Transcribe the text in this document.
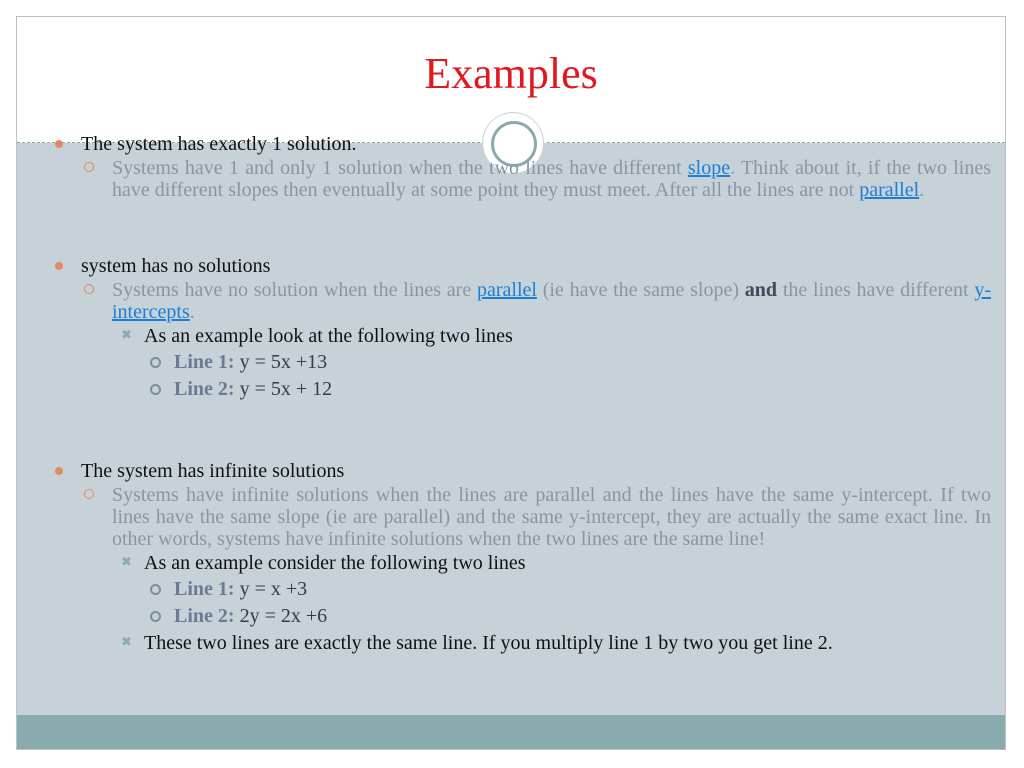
Examples
The system has exactly 1 solution.
Systems have 1 and only 1 solution when the two lines have different slope. Think about it, if the two lines have different slopes then eventually at some point they must meet. After all the lines are not parallel.
system has no solutions
Systems have no solution when the lines are parallel (ie have the same slope) and the lines have different y-intercepts.
✖ As an example look at the following two lines
Line 1: y = 5x +13
Line 2: y = 5x + 12
The system has infinite solutions
Systems have infinite solutions when the lines are parallel and the lines have the same y-intercept. If two lines have the same slope (ie are parallel) and the same y-intercept, they are actually the same exact line. In other words, systems have infinite solutions when the two lines are the same line!
✖ As an example consider the following two lines
Line 1: y = x +3
Line 2: 2y = 2x +6
✖ These two lines are exactly the same line. If you multiply line 1 by two you get line 2.
